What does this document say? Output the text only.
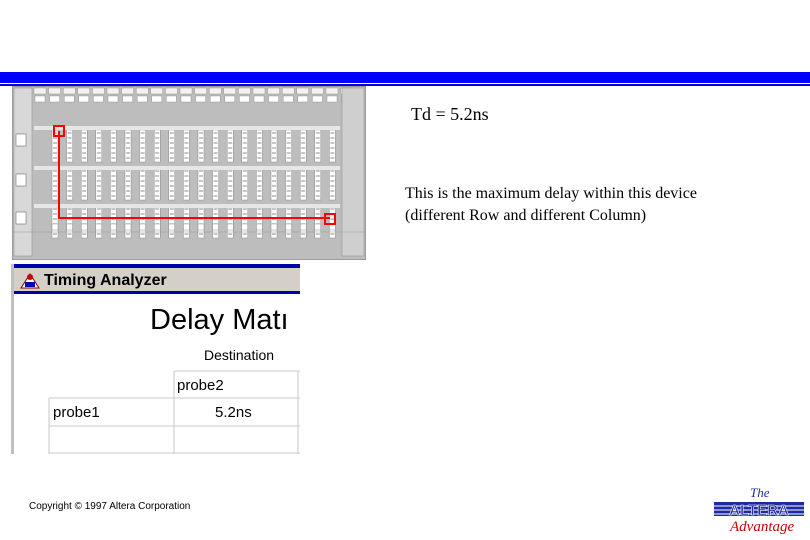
Td = 5.2ns
This is the maximum delay within this device
(different Row and different Column)
Timing Analyzer
Delay Matı
Destination
probe2
probe1	5.2ns
Copyright © 1997 Altera Corporation
The
ALTERA
Advantage
